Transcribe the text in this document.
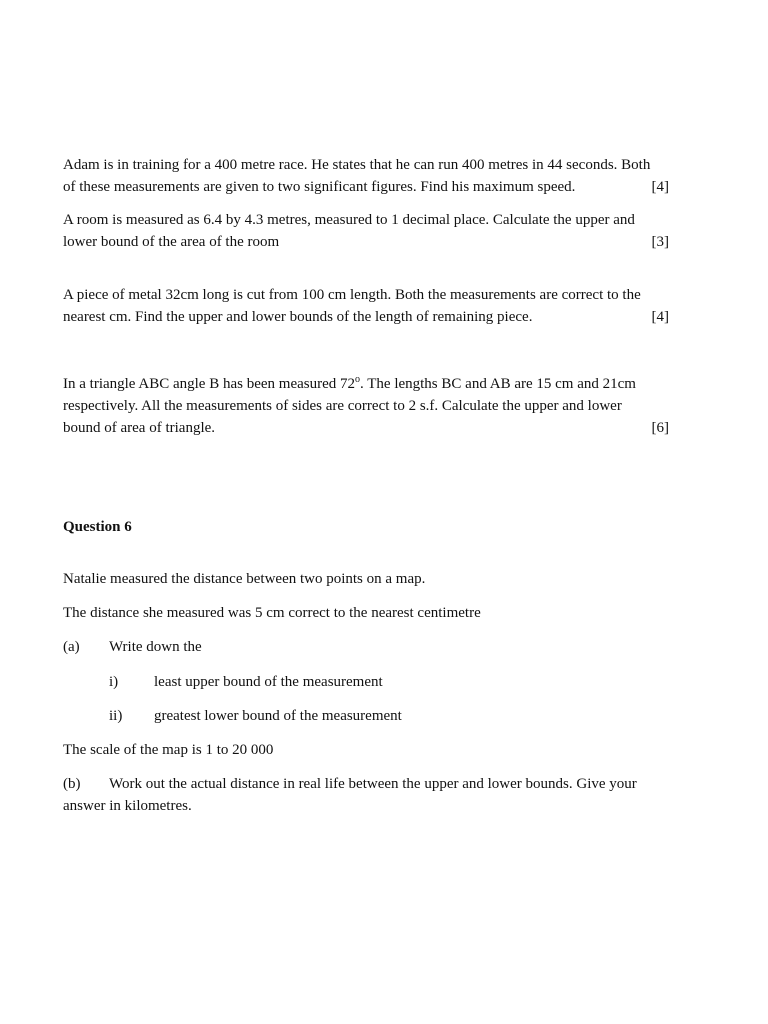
Adam is in training for a 400 metre race. He states that he can run 400 metres in 44 seconds. Both
of these measurements are given to two significant figures. Find his maximum speed.	[4]
A room is measured as 6.4 by 4.3 metres, measured to 1 decimal place. Calculate the upper and
lower bound of the area of the room	[3]
A piece of metal 32cm long is cut from 100 cm length. Both the measurements are correct to the
nearest cm. Find the upper and lower bounds of the length of remaining piece.	[4]
In a triangle ABC angle B has been measured 72$^o$. The lengths BC and AB are 15 cm and 21cm
respectively. All the measurements of sides are correct to 2 s.f. Calculate the upper and lower
bound of area of triangle.	[6]
Question 6
Natalie measured the distance between two points on a map.
The distance she measured was 5 cm correct to the nearest centimetre
(a) Write down the
i) least upper bound of the measurement
ii) greatest lower bound of the measurement
The scale of the map is 1 to 20 000
(b) Work out the actual distance in real life between the upper and lower bounds. Give your
answer in kilometres.
